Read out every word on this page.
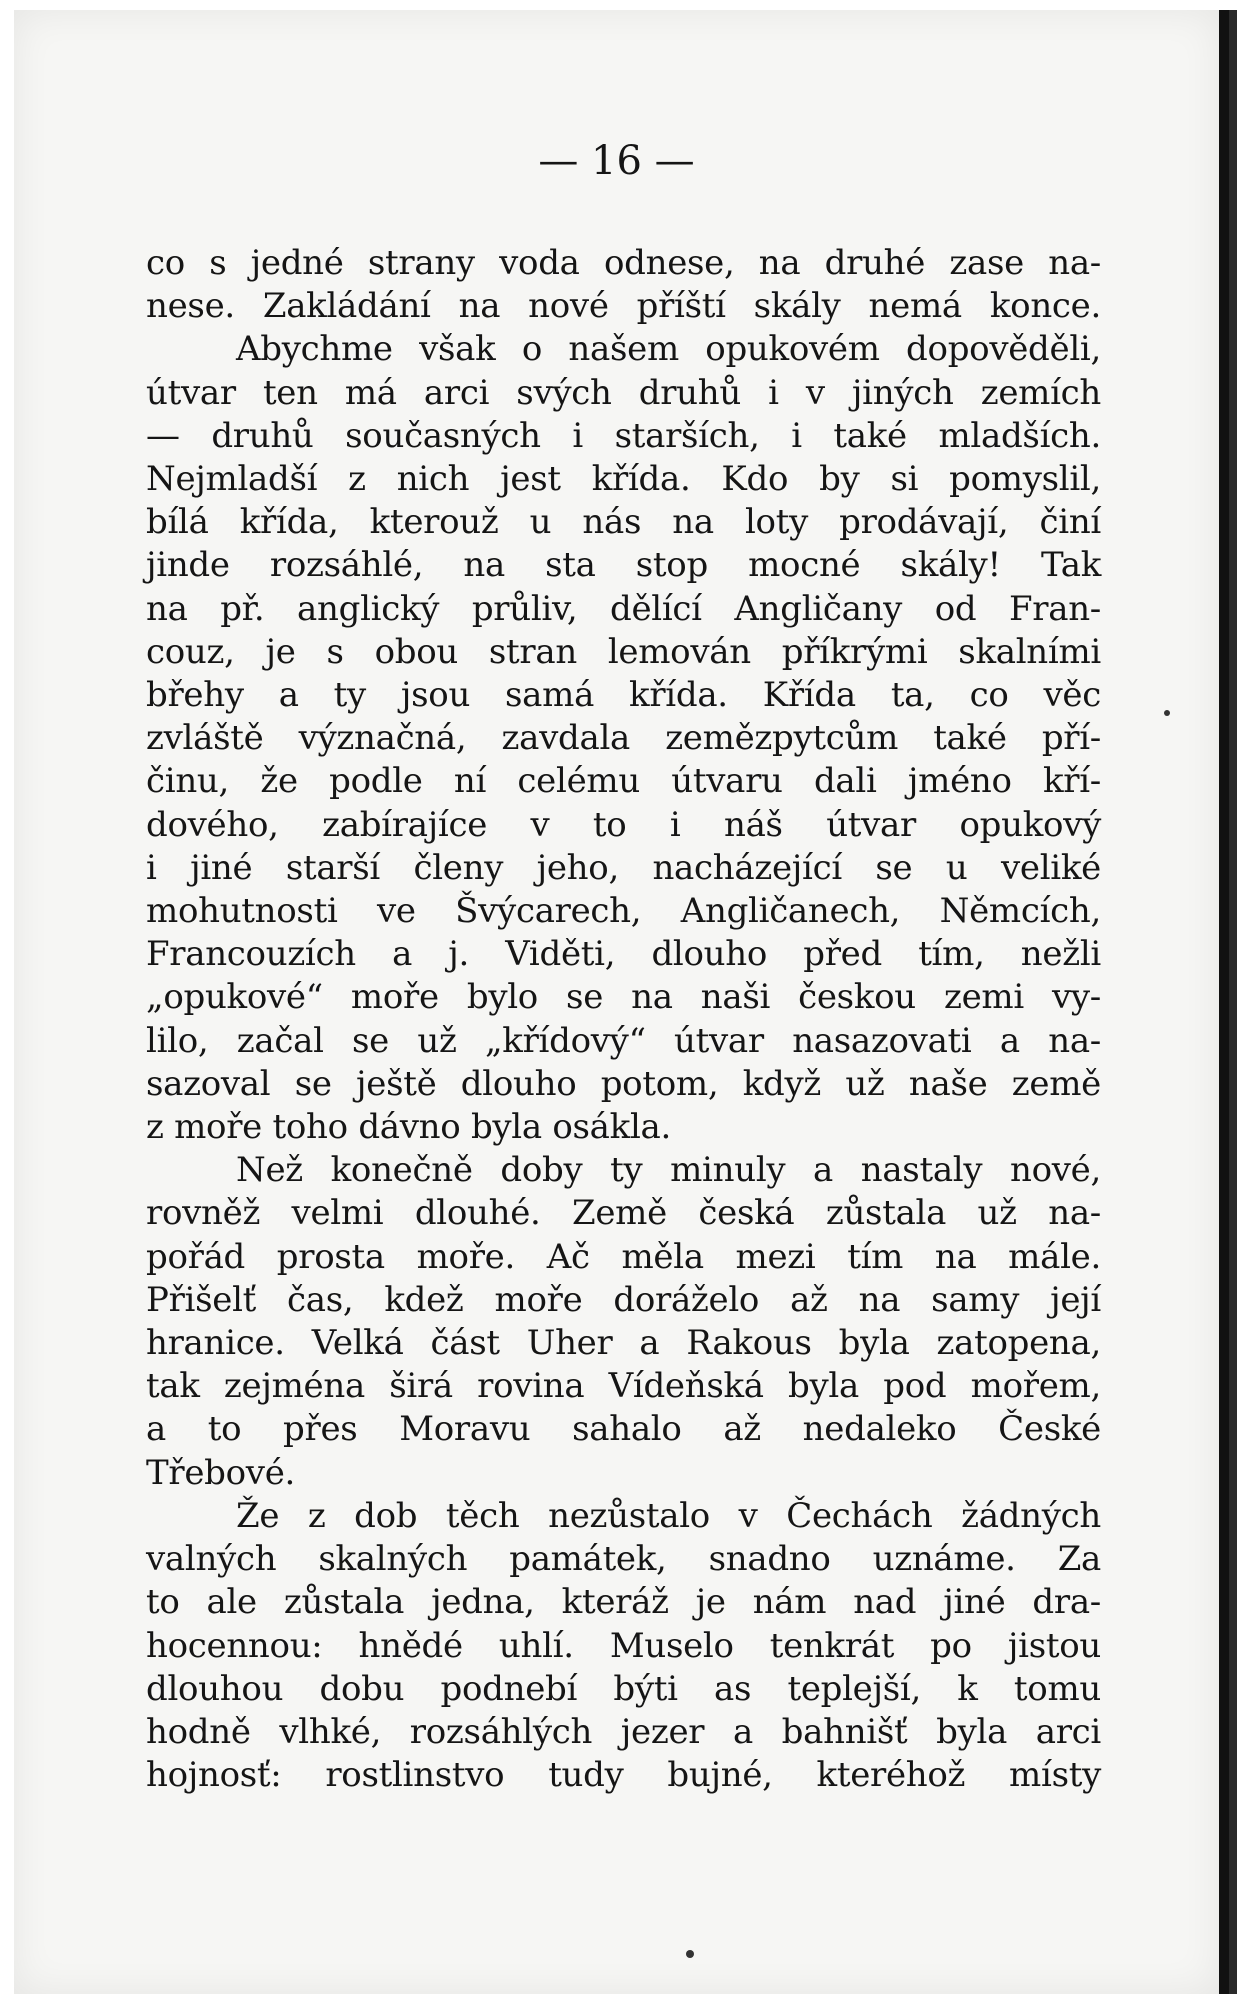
— 16 —
co s jedné strany voda odnese, na druhé zase na-
nese. Zakládání na nové příští skály nemá konce.
Abychme však o našem opukovém dopověděli,
útvar ten má arci svých druhů i v jiných zemích
— druhů současných i starších, i také mladších.
Nejmladší z nich jest křída. Kdo by si pomyslil,
bílá křída, kterouž u nás na loty prodávají, činí
jinde rozsáhlé, na sta stop mocné skály! Tak
na př. anglický průliv, dělící Angličany od Fran-
couz, je s obou stran lemován příkrými skalními
břehy a ty jsou samá křída. Křída ta, co věc
zvláště význačná, zavdala zemězpytcům také pří-
činu, že podle ní celému útvaru dali jméno kří-
dového, zabírajíce v to i náš útvar opukový
i jiné starší členy jeho, nacházející se u veliké
mohutnosti ve Švýcarech, Angličanech, Němcích,
Francouzích a j. Viděti, dlouho před tím, nežli
„opukové“ moře bylo se na naši českou zemi vy-
lilo, začal se už „křídový“ útvar nasazovati a na-
sazoval se ještě dlouho potom, když už naše země
z moře toho dávno byla osákla.
Než konečně doby ty minuly a nastaly nové,
rovněž velmi dlouhé. Země česká zůstala už na-
pořád prosta moře. Ač měla mezi tím na mále.
Přišelť čas, kdež moře doráželo až na samy její
hranice. Velká část Uher a Rakous byla zatopena,
tak zejména širá rovina Vídeňská byla pod mořem,
a to přes Moravu sahalo až nedaleko České
Třebové.
Že z dob těch nezůstalo v Čechách žádných
valných skalných památek, snadno uznáme. Za
to ale zůstala jedna, kteráž je nám nad jiné dra-
hocennou: hnědé uhlí. Muselo tenkrát po jistou
dlouhou dobu podnebí býti as teplejší, k tomu
hodně vlhké, rozsáhlých jezer a bahnišť byla arci
hojnosť: rostlinstvo tudy bujné, kteréhož místy
